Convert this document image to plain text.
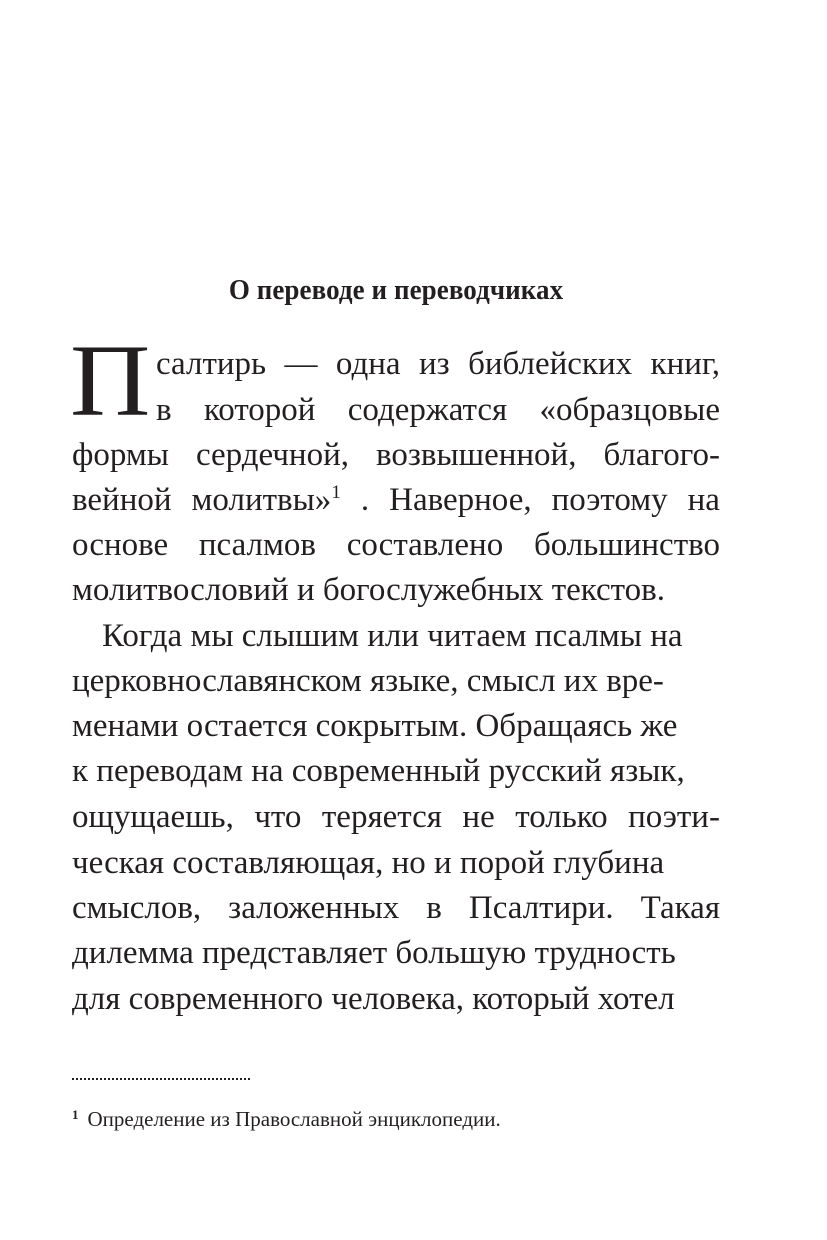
О переводе и переводчиках
П салтирь — одна из библейских книг,
в которой содержатся «образцовые
формы сердечной, возвышенной, благого-
вейной молитвы»$^1$ . Наверное, поэтому на
основе псалмов составлено большинство
молитвословий и богослужебных текстов.
Когда мы слышим или читаем псалмы на
церковнославянском языке, смысл их вре-
менами остается сокрытым. Обращаясь же
к переводам на современный русский язык,
ощущаешь, что теряется не только поэти-
ческая составляющая, но и порой глубина
смыслов, заложенных в Псалтири. Такая
дилемма представляет большую трудность
для современного человека, который хотел
$^1$ Определение из Православной энциклопедии.
